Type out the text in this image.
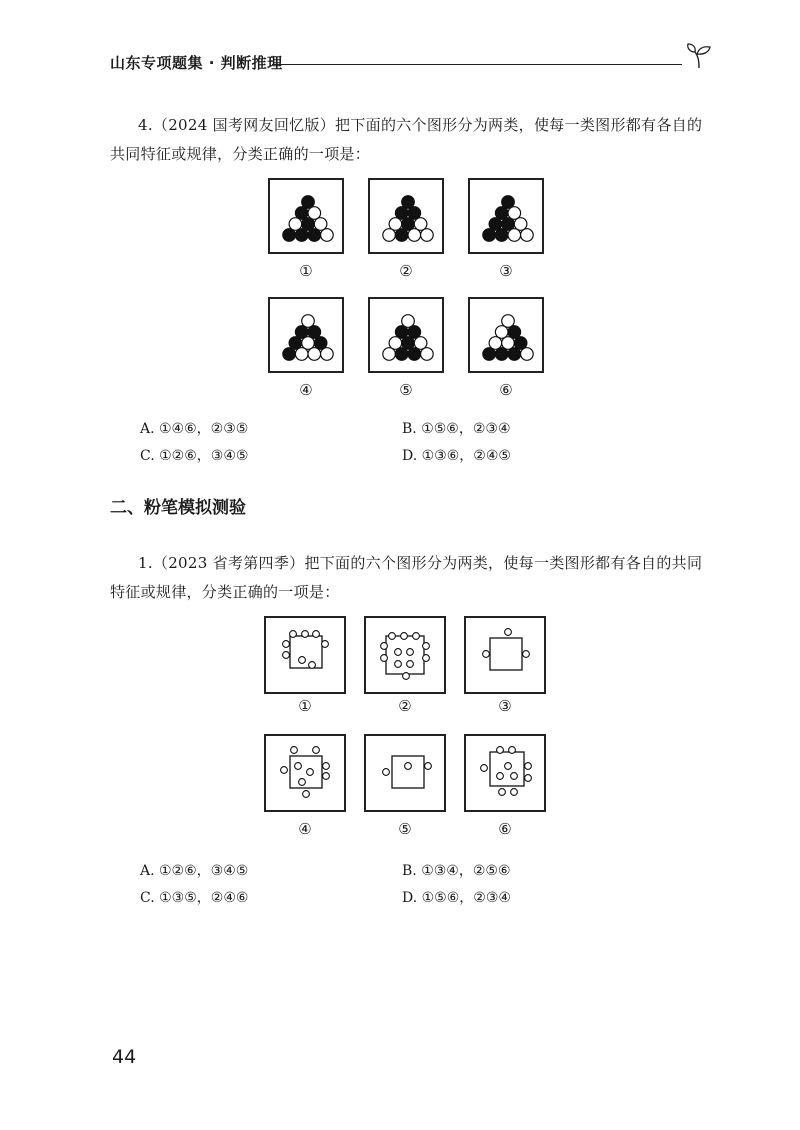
山东专项题集 · 判断推理
4.（2024 国考网友回忆版）把下面的六个图形分为两类，使每一类图形都有各自的共同特征或规律，分类正确的一项是：
①	②	③
④	⑤	⑥
A. ①④⑥，②③⑤	B. ①⑤⑥，②③④
C. ①②⑥，③④⑤	D. ①③⑥，②④⑤
二、粉笔模拟测验
1.（2023 省考第四季）把下面的六个图形分为两类，使每一类图形都有各自的共同特征或规律，分类正确的一项是：
①	②	③
④	⑤	⑥
A. ①②⑥，③④⑤	B. ①③④，②⑤⑥
C. ①③⑤，②④⑥	D. ①⑤⑥，②③④
44
